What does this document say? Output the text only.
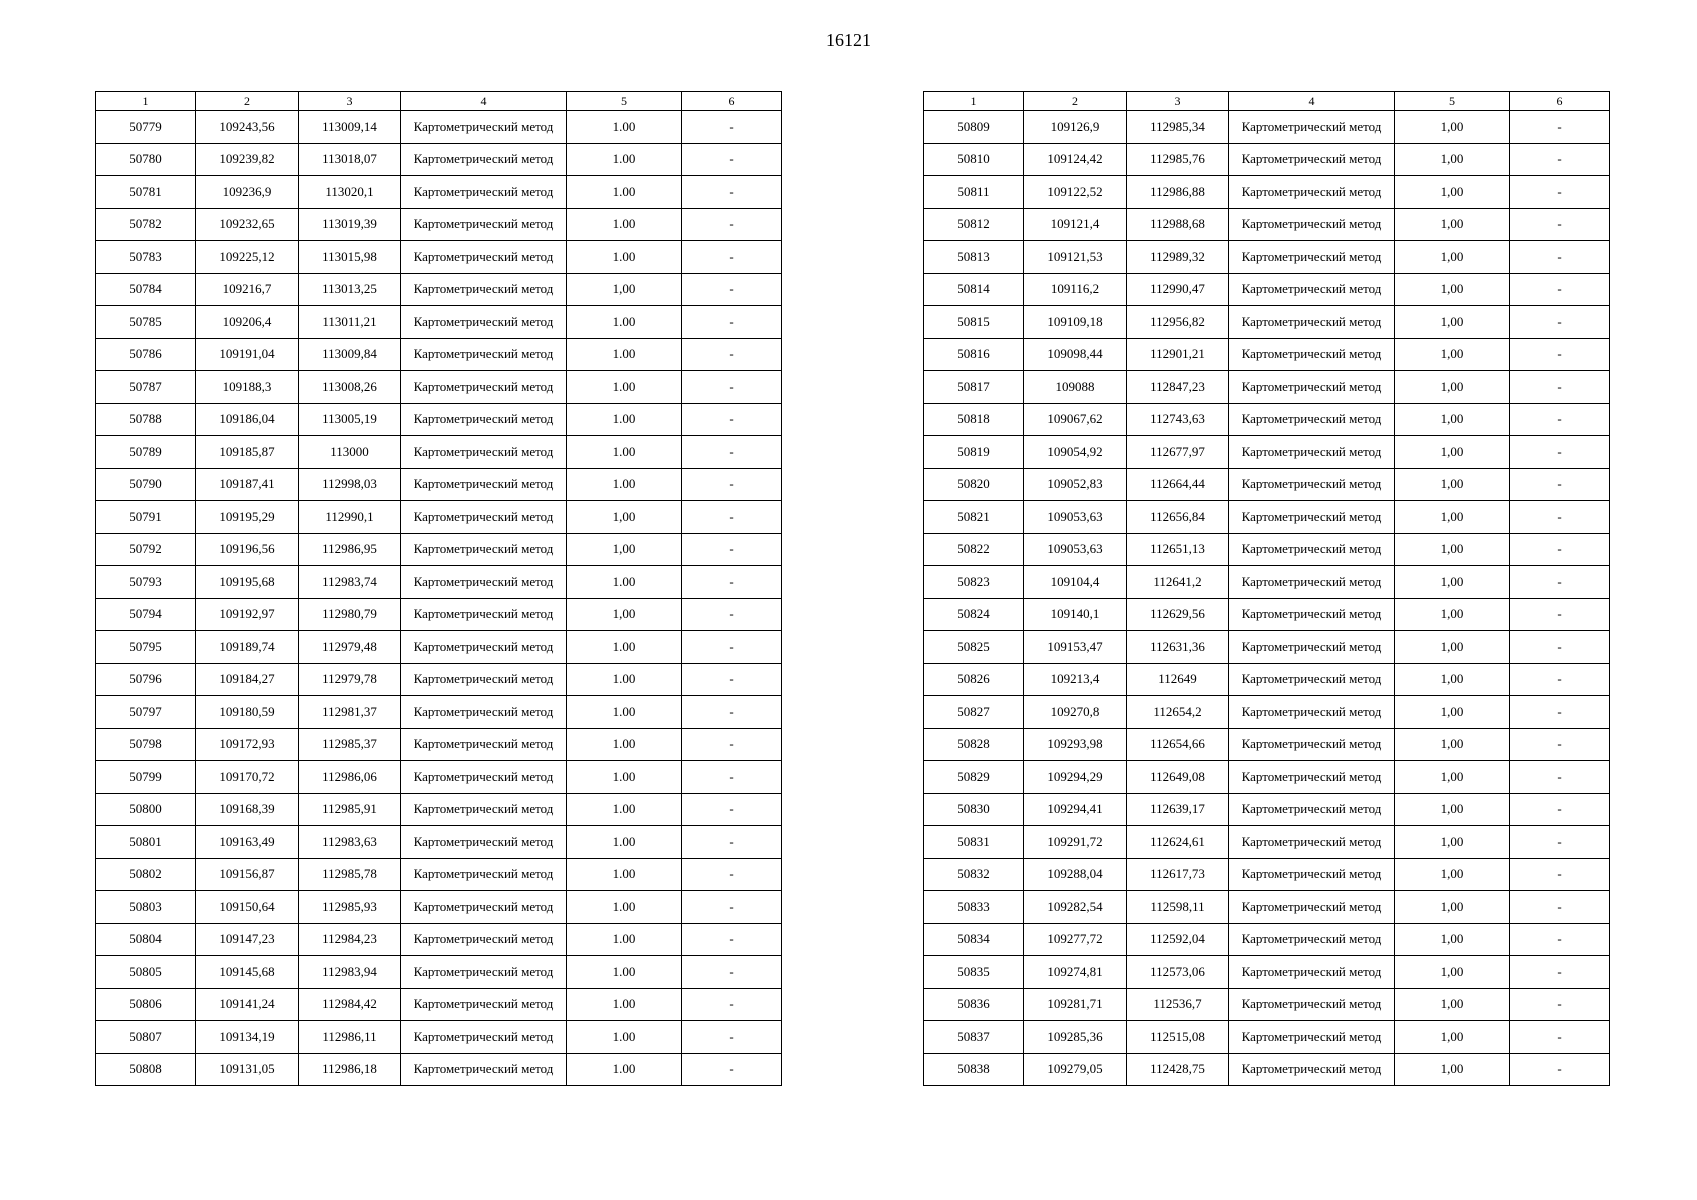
16121
1	2	3	4	5	6
50779	109243,56	113009,14	Картометрический метод	1.00	-
50780	109239,82	113018,07	Картометрический метод	1.00	-
50781	109236,9	113020,1	Картометрический метод	1.00	-
50782	109232,65	113019,39	Картометрический метод	1.00	-
50783	109225,12	113015,98	Картометрический метод	1.00	-
50784	109216,7	113013,25	Картометрический метод	1,00	-
50785	109206,4	113011,21	Картометрический метод	1.00	-
50786	109191,04	113009,84	Картометрический метод	1.00	-
50787	109188,3	113008,26	Картометрический метод	1.00	-
50788	109186,04	113005,19	Картометрический метод	1.00	-
50789	109185,87	113000	Картометрический метод	1.00	-
50790	109187,41	112998,03	Картометрический метод	1.00	-
50791	109195,29	112990,1	Картометрический метод	1,00	-
50792	109196,56	112986,95	Картометрический метод	1,00	-
50793	109195,68	112983,74	Картометрический метод	1.00	-
50794	109192,97	112980,79	Картометрический метод	1,00	-
50795	109189,74	112979,48	Картометрический метод	1.00	-
50796	109184,27	112979,78	Картометрический метод	1.00	-
50797	109180,59	112981,37	Картометрический метод	1.00	-
50798	109172,93	112985,37	Картометрический метод	1.00	-
50799	109170,72	112986,06	Картометрический метод	1.00	-
50800	109168,39	112985,91	Картометрический метод	1.00	-
50801	109163,49	112983,63	Картометрический метод	1.00	-
50802	109156,87	112985,78	Картометрический метод	1.00	-
50803	109150,64	112985,93	Картометрический метод	1.00	-
50804	109147,23	112984,23	Картометрический метод	1.00	-
50805	109145,68	112983,94	Картометрический метод	1.00	-
50806	109141,24	112984,42	Картометрический метод	1.00	-
50807	109134,19	112986,11	Картометрический метод	1.00	-
50808	109131,05	112986,18	Картометрический метод	1.00	-
1	2	3	4	5	6
50809	109126,9	112985,34	Картометрический метод	1,00	-
50810	109124,42	112985,76	Картометрический метод	1,00	-
50811	109122,52	112986,88	Картометрический метод	1,00	-
50812	109121,4	112988,68	Картометрический метод	1,00	-
50813	109121,53	112989,32	Картометрический метод	1,00	-
50814	109116,2	112990,47	Картометрический метод	1,00	-
50815	109109,18	112956,82	Картометрический метод	1,00	-
50816	109098,44	112901,21	Картометрический метод	1,00	-
50817	109088	112847,23	Картометрический метод	1,00	-
50818	109067,62	112743,63	Картометрический метод	1,00	-
50819	109054,92	112677,97	Картометрический метод	1,00	-
50820	109052,83	112664,44	Картометрический метод	1,00	-
50821	109053,63	112656,84	Картометрический метод	1,00	-
50822	109053,63	112651,13	Картометрический метод	1,00	-
50823	109104,4	112641,2	Картометрический метод	1,00	-
50824	109140,1	112629,56	Картометрический метод	1,00	-
50825	109153,47	112631,36	Картометрический метод	1,00	-
50826	109213,4	112649	Картометрический метод	1,00	-
50827	109270,8	112654,2	Картометрический метод	1,00	-
50828	109293,98	112654,66	Картометрический метод	1,00	-
50829	109294,29	112649,08	Картометрический метод	1,00	-
50830	109294,41	112639,17	Картометрический метод	1,00	-
50831	109291,72	112624,61	Картометрический метод	1,00	-
50832	109288,04	112617,73	Картометрический метод	1,00	-
50833	109282,54	112598,11	Картометрический метод	1,00	-
50834	109277,72	112592,04	Картометрический метод	1,00	-
50835	109274,81	112573,06	Картометрический метод	1,00	-
50836	109281,71	112536,7	Картометрический метод	1,00	-
50837	109285,36	112515,08	Картометрический метод	1,00	-
50838	109279,05	112428,75	Картометрический метод	1,00	-
